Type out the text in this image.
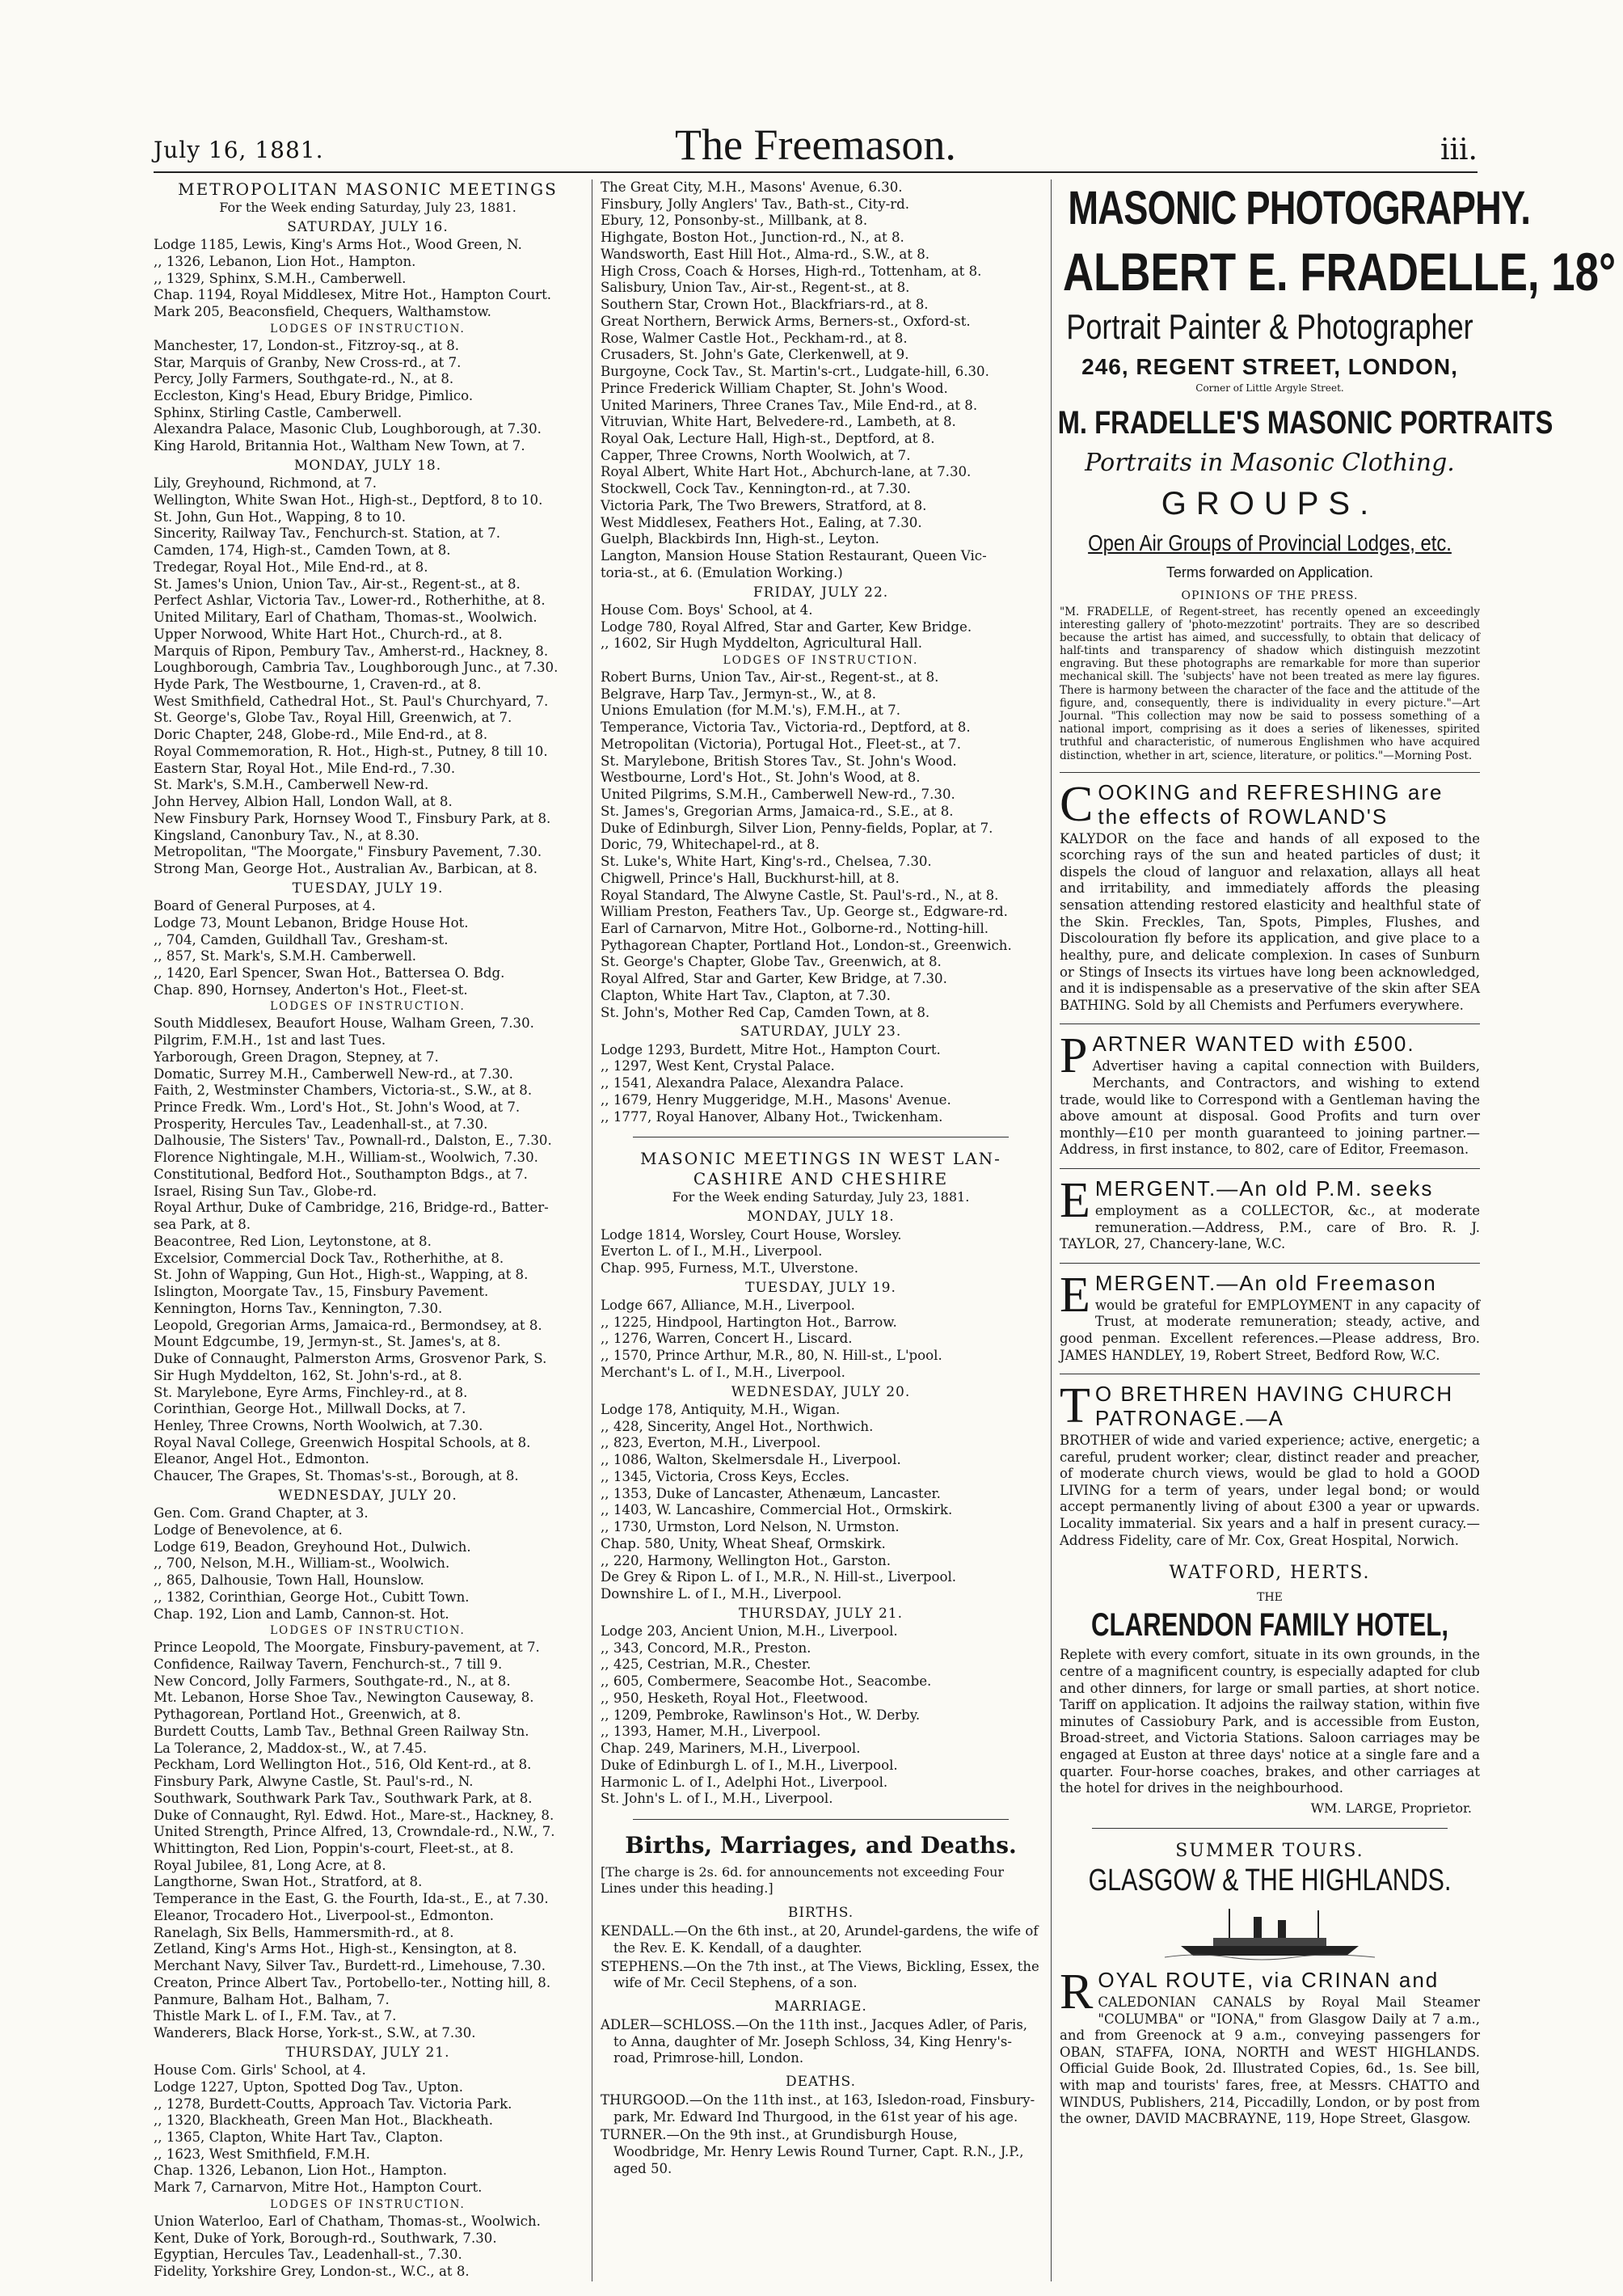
July 16, 1881.	The Freemason.	iii.

METROPOLITAN MASONIC MEETINGS

For the Week ending Saturday, July 23, 1881.

SATURDAY, JULY 16.

Lodge 1185, Lewis, King's Arms Hot., Wood Green, N.

,, 1326, Lebanon, Lion Hot., Hampton.

,, 1329, Sphinx, S.M.H., Camberwell.

Chap. 1194, Royal Middlesex, Mitre Hot., Hampton Court.

Mark 205, Beaconsfield, Chequers, Walthamstow.

LODGES OF INSTRUCTION.

Manchester, 17, London-st., Fitzroy-sq., at 8.

Star, Marquis of Granby, New Cross-rd., at 7.

Percy, Jolly Farmers, Southgate-rd., N., at 8.

Eccleston, King's Head, Ebury Bridge, Pimlico.

Sphinx, Stirling Castle, Camberwell.

Alexandra Palace, Masonic Club, Loughborough, at 7.30.

King Harold, Britannia Hot., Waltham New Town, at 7.

MONDAY, JULY 18.

Lily, Greyhound, Richmond, at 7.

Wellington, White Swan Hot., High-st., Deptford, 8 to 10.

St. John, Gun Hot., Wapping, 8 to 10.

Sincerity, Railway Tav., Fenchurch-st. Station, at 7.

Camden, 174, High-st., Camden Town, at 8.

Tredegar, Royal Hot., Mile End-rd., at 8.

St. James's Union, Union Tav., Air-st., Regent-st., at 8.

Perfect Ashlar, Victoria Tav., Lower-rd., Rotherhithe, at 8.

United Military, Earl of Chatham, Thomas-st., Woolwich.

Upper Norwood, White Hart Hot., Church-rd., at 8.

Marquis of Ripon, Pembury Tav., Amherst-rd., Hackney, 8.

Loughborough, Cambria Tav., Loughborough Junc., at 7.30.

Hyde Park, The Westbourne, 1, Craven-rd., at 8.

West Smithfield, Cathedral Hot., St. Paul's Churchyard, 7.

St. George's, Globe Tav., Royal Hill, Greenwich, at 7.

Doric Chapter, 248, Globe-rd., Mile End-rd., at 8.

Royal Commemoration, R. Hot., High-st., Putney, 8 till 10.

Eastern Star, Royal Hot., Mile End-rd., 7.30.

St. Mark's, S.M.H., Camberwell New-rd.

John Hervey, Albion Hall, London Wall, at 8.

New Finsbury Park, Hornsey Wood T., Finsbury Park, at 8.

Kingsland, Canonbury Tav., N., at 8.30.

Metropolitan, "The Moorgate," Finsbury Pavement, 7.30.

Strong Man, George Hot., Australian Av., Barbican, at 8.

TUESDAY, JULY 19.

Board of General Purposes, at 4.

Lodge 73, Mount Lebanon, Bridge House Hot.

,, 704, Camden, Guildhall Tav., Gresham-st.

,, 857, St. Mark's, S.M.H. Camberwell.

,, 1420, Earl Spencer, Swan Hot., Battersea O. Bdg.

Chap. 890, Hornsey, Anderton's Hot., Fleet-st.

LODGES OF INSTRUCTION.

South Middlesex, Beaufort House, Walham Green, 7.30.

Pilgrim, F.M.H., 1st and last Tues.

Yarborough, Green Dragon, Stepney, at 7.

Domatic, Surrey M.H., Camberwell New-rd., at 7.30.

Faith, 2, Westminster Chambers, Victoria-st., S.W., at 8.

Prince Fredk. Wm., Lord's Hot., St. John's Wood, at 7.

Prosperity, Hercules Tav., Leadenhall-st., at 7.30.

Dalhousie, The Sisters' Tav., Pownall-rd., Dalston, E., 7.30.

Florence Nightingale, M.H., William-st., Woolwich, 7.30.

Constitutional, Bedford Hot., Southampton Bdgs., at 7.

Israel, Rising Sun Tav., Globe-rd.

Royal Arthur, Duke of Cambridge, 216, Bridge-rd., Batter-

sea Park, at 8.

Beacontree, Red Lion, Leytonstone, at 8.

Excelsior, Commercial Dock Tav., Rotherhithe, at 8.

St. John of Wapping, Gun Hot., High-st., Wapping, at 8.

Islington, Moorgate Tav., 15, Finsbury Pavement.

Kennington, Horns Tav., Kennington, 7.30.

Leopold, Gregorian Arms, Jamaica-rd., Bermondsey, at 8.

Mount Edgcumbe, 19, Jermyn-st., St. James's, at 8.

Duke of Connaught, Palmerston Arms, Grosvenor Park, S.

Sir Hugh Myddelton, 162, St. John's-rd., at 8.

St. Marylebone, Eyre Arms, Finchley-rd., at 8.

Corinthian, George Hot., Millwall Docks, at 7.

Henley, Three Crowns, North Woolwich, at 7.30.

Royal Naval College, Greenwich Hospital Schools, at 8.

Eleanor, Angel Hot., Edmonton.

Chaucer, The Grapes, St. Thomas's-st., Borough, at 8.

WEDNESDAY, JULY 20.

Gen. Com. Grand Chapter, at 3.

Lodge of Benevolence, at 6.

Lodge 619, Beadon, Greyhound Hot., Dulwich.

,, 700, Nelson, M.H., William-st., Woolwich.

,, 865, Dalhousie, Town Hall, Hounslow.

,, 1382, Corinthian, George Hot., Cubitt Town.

Chap. 192, Lion and Lamb, Cannon-st. Hot.

LODGES OF INSTRUCTION.

Prince Leopold, The Moorgate, Finsbury-pavement, at 7.

Confidence, Railway Tavern, Fenchurch-st., 7 till 9.

New Concord, Jolly Farmers, Southgate-rd., N., at 8.

Mt. Lebanon, Horse Shoe Tav., Newington Causeway, 8.

Pythagorean, Portland Hot., Greenwich, at 8.

Burdett Coutts, Lamb Tav., Bethnal Green Railway Stn.

La Tolerance, 2, Maddox-st., W., at 7.45.

Peckham, Lord Wellington Hot., 516, Old Kent-rd., at 8.

Finsbury Park, Alwyne Castle, St. Paul's-rd., N.

Southwark, Southwark Park Tav., Southwark Park, at 8.

Duke of Connaught, Ryl. Edwd. Hot., Mare-st., Hackney, 8.

United Strength, Prince Alfred, 13, Crowndale-rd., N.W., 7.

Whittington, Red Lion, Poppin's-court, Fleet-st., at 8.

Royal Jubilee, 81, Long Acre, at 8.

Langthorne, Swan Hot., Stratford, at 8.

Temperance in the East, G. the Fourth, Ida-st., E., at 7.30.

Eleanor, Trocadero Hot., Liverpool-st., Edmonton.

Ranelagh, Six Bells, Hammersmith-rd., at 8.

Zetland, King's Arms Hot., High-st., Kensington, at 8.

Merchant Navy, Silver Tav., Burdett-rd., Limehouse, 7.30.

Creaton, Prince Albert Tav., Portobello-ter., Notting hill, 8.

Panmure, Balham Hot., Balham, 7.

Thistle Mark L. of I., F.M. Tav., at 7.

Wanderers, Black Horse, York-st., S.W., at 7.30.

THURSDAY, JULY 21.

House Com. Girls' School, at 4.

Lodge 1227, Upton, Spotted Dog Tav., Upton.

,, 1278, Burdett-Coutts, Approach Tav. Victoria Park.

,, 1320, Blackheath, Green Man Hot., Blackheath.

,, 1365, Clapton, White Hart Tav., Clapton.

,, 1623, West Smithfield, F.M.H.

Chap. 1326, Lebanon, Lion Hot., Hampton.

Mark 7, Carnarvon, Mitre Hot., Hampton Court.

LODGES OF INSTRUCTION.

Union Waterloo, Earl of Chatham, Thomas-st., Woolwich.

Kent, Duke of York, Borough-rd., Southwark, 7.30.

Egyptian, Hercules Tav., Leadenhall-st., 7.30.

Fidelity, Yorkshire Grey, London-st., W.C., at 8.

The Great City, M.H., Masons' Avenue, 6.30.

Finsbury, Jolly Anglers' Tav., Bath-st., City-rd.

Ebury, 12, Ponsonby-st., Millbank, at 8.

Highgate, Boston Hot., Junction-rd., N., at 8.

Wandsworth, East Hill Hot., Alma-rd., S.W., at 8.

High Cross, Coach & Horses, High-rd., Tottenham, at 8.

Salisbury, Union Tav., Air-st., Regent-st., at 8.

Southern Star, Crown Hot., Blackfriars-rd., at 8.

Great Northern, Berwick Arms, Berners-st., Oxford-st.

Rose, Walmer Castle Hot., Peckham-rd., at 8.

Crusaders, St. John's Gate, Clerkenwell, at 9.

Burgoyne, Cock Tav., St. Martin's-crt., Ludgate-hill, 6.30.

Prince Frederick William Chapter, St. John's Wood.

United Mariners, Three Cranes Tav., Mile End-rd., at 8.

Vitruvian, White Hart, Belvedere-rd., Lambeth, at 8.

Royal Oak, Lecture Hall, High-st., Deptford, at 8.

Capper, Three Crowns, North Woolwich, at 7.

Royal Albert, White Hart Hot., Abchurch-lane, at 7.30.

Stockwell, Cock Tav., Kennington-rd., at 7.30.

Victoria Park, The Two Brewers, Stratford, at 8.

West Middlesex, Feathers Hot., Ealing, at 7.30.

Guelph, Blackbirds Inn, High-st., Leyton.

Langton, Mansion House Station Restaurant, Queen Vic-

toria-st., at 6. (Emulation Working.)

FRIDAY, JULY 22.

House Com. Boys' School, at 4.

Lodge 780, Royal Alfred, Star and Garter, Kew Bridge.

,, 1602, Sir Hugh Myddelton, Agricultural Hall.

LODGES OF INSTRUCTION.

Robert Burns, Union Tav., Air-st., Regent-st., at 8.

Belgrave, Harp Tav., Jermyn-st., W., at 8.

Unions Emulation (for M.M.'s), F.M.H., at 7.

Temperance, Victoria Tav., Victoria-rd., Deptford, at 8.

Metropolitan (Victoria), Portugal Hot., Fleet-st., at 7.

St. Marylebone, British Stores Tav., St. John's Wood.

Westbourne, Lord's Hot., St. John's Wood, at 8.

United Pilgrims, S.M.H., Camberwell New-rd., 7.30.

St. James's, Gregorian Arms, Jamaica-rd., S.E., at 8.

Duke of Edinburgh, Silver Lion, Penny-fields, Poplar, at 7.

Doric, 79, Whitechapel-rd., at 8.

St. Luke's, White Hart, King's-rd., Chelsea, 7.30.

Chigwell, Prince's Hall, Buckhurst-hill, at 8.

Royal Standard, The Alwyne Castle, St. Paul's-rd., N., at 8.

William Preston, Feathers Tav., Up. George st., Edgware-rd.

Earl of Carnarvon, Mitre Hot., Golborne-rd., Notting-hill.

Pythagorean Chapter, Portland Hot., London-st., Greenwich.

St. George's Chapter, Globe Tav., Greenwich, at 8.

Royal Alfred, Star and Garter, Kew Bridge, at 7.30.

Clapton, White Hart Tav., Clapton, at 7.30.

St. John's, Mother Red Cap, Camden Town, at 8.

SATURDAY, JULY 23.

Lodge 1293, Burdett, Mitre Hot., Hampton Court.

,, 1297, West Kent, Crystal Palace.

,, 1541, Alexandra Palace, Alexandra Palace.

,, 1679, Henry Muggeridge, M.H., Masons' Avenue.

,, 1777, Royal Hanover, Albany Hot., Twickenham.

MASONIC MEETINGS IN WEST LAN-

CASHIRE AND CHESHIRE

For the Week ending Saturday, July 23, 1881.

MONDAY, JULY 18.

Lodge 1814, Worsley, Court House, Worsley.

Everton L. of I., M.H., Liverpool.

Chap. 995, Furness, M.T., Ulverstone.

TUESDAY, JULY 19.

Lodge 667, Alliance, M.H., Liverpool.

,, 1225, Hindpool, Hartington Hot., Barrow.

,, 1276, Warren, Concert H., Liscard.

,, 1570, Prince Arthur, M.R., 80, N. Hill-st., L'pool.

Merchant's L. of I., M.H., Liverpool.

WEDNESDAY, JULY 20.

Lodge 178, Antiquity, M.H., Wigan.

,, 428, Sincerity, Angel Hot., Northwich.

,, 823, Everton, M.H., Liverpool.

,, 1086, Walton, Skelmersdale H., Liverpool.

,, 1345, Victoria, Cross Keys, Eccles.

,, 1353, Duke of Lancaster, Athenæum, Lancaster.

,, 1403, W. Lancashire, Commercial Hot., Ormskirk.

,, 1730, Urmston, Lord Nelson, N. Urmston.

Chap. 580, Unity, Wheat Sheaf, Ormskirk.

,, 220, Harmony, Wellington Hot., Garston.

De Grey & Ripon L. of I., M.R., N. Hill-st., Liverpool.

Downshire L. of I., M.H., Liverpool.

THURSDAY, JULY 21.

Lodge 203, Ancient Union, M.H., Liverpool.

,, 343, Concord, M.R., Preston.

,, 425, Cestrian, M.R., Chester.

,, 605, Combermere, Seacombe Hot., Seacombe.

,, 950, Hesketh, Royal Hot., Fleetwood.

,, 1209, Pembroke, Rawlinson's Hot., W. Derby.

,, 1393, Hamer, M.H., Liverpool.

Chap. 249, Mariners, M.H., Liverpool.

Duke of Edinburgh L. of I., M.H., Liverpool.

Harmonic L. of I., Adelphi Hot., Liverpool.

St. John's L. of I., M.H., Liverpool.

Births, Marriages, and Deaths.

[The charge is 2s. 6d. for announcements not exceeding Four Lines under this heading.]

BIRTHS.

KENDALL.—On the 6th inst., at 20, Arundel-gardens, the wife of the Rev. E. K. Kendall, of a daughter.

STEPHENS.—On the 7th inst., at The Views, Bickling, Essex, the wife of Mr. Cecil Stephens, of a son.

MARRIAGE.

ADLER—SCHLOSS.—On the 11th inst., Jacques Adler, of Paris, to Anna, daughter of Mr. Joseph Schloss, 34, King Henry's-road, Primrose-hill, London.

DEATHS.

THURGOOD.—On the 11th inst., at 163, Isledon-road, Finsbury-park, Mr. Edward Ind Thurgood, in the 61st year of his age.

TURNER.—On the 9th inst., at Grundisburgh House, Woodbridge, Mr. Henry Lewis Round Turner, Capt. R.N., J.P., aged 50.

MASONIC PHOTOGRAPHY.
ALBERT E. FRADELLE, 18°
Portrait Painter & Photographer

246, REGENT STREET, LONDON,

Corner of Little Argyle Street.

M. FRADELLE'S MASONIC PORTRAITS

Portraits in Masonic Clothing.

GROUPS.

Open Air Groups of Provincial Lodges, etc.

Terms forwarded on Application.

OPINIONS OF THE PRESS.

"M. FRADELLE, of Regent-street, has recently opened an exceedingly interesting gallery of 'photo-mezzotint' portraits. They are so described because the artist has aimed, and successfully, to obtain that delicacy of half-tints and transparency of shadow which distinguish mezzotint engraving. But these photographs are remarkable for more than superior mechanical skill. The 'subjects' have not been treated as mere lay figures. There is harmony between the character of the face and the attitude of the figure, and, consequently, there is individuality in every picture."—Art Journal. "This collection may now be said to possess something of a national import, comprising as it does a series of likenesses, spirited truthful and characteristic, of numerous Englishmen who have acquired distinction, whether in art, science, literature, or politics."—Morning Post.

C OOKING and REFRESHING are the effects of ROWLAND'S

KALYDOR on the face and hands of all exposed to the scorching rays of the sun and heated particles of dust; it dispels the cloud of languor and relaxation, allays all heat and irritability, and immediately affords the pleasing sensation attending restored elasticity and healthful state of the Skin. Freckles, Tan, Spots, Pimples, Flushes, and Discolouration fly before its application, and give place to a healthy, pure, and delicate complexion. In cases of Sunburn or Stings of Insects its virtues have long been acknowledged, and it is indispensable as a preservative of the skin after SEA BATHING. Sold by all Chemists and Perfumers everywhere.

P ARTNER WANTED with £500.

Advertiser having a capital connection with Builders, Merchants, and Contractors, and wishing to extend trade, would like to Correspond with a Gentleman having the above amount at disposal. Good Profits and turn over monthly—£10 per month guaranteed to joining partner.—Address, in first instance, to 802, care of Editor, Freemason.

E MERGENT.—An old P.M. seeks

employment as a COLLECTOR, &c., at moderate remuneration.—Address, P.M., care of Bro. R. J. TAYLOR, 27, Chancery-lane, W.C.

E MERGENT.—An old Freemason

would be grateful for EMPLOYMENT in any capacity of Trust, at moderate remuneration; steady, active, and good penman. Excellent references.—Please address, Bro. JAMES HANDLEY, 19, Robert Street, Bedford Row, W.C.

T O BRETHREN HAVING CHURCH PATRONAGE.—A

BROTHER of wide and varied experience; active, energetic; a careful, prudent worker; clear, distinct reader and preacher, of moderate church views, would be glad to hold a GOOD LIVING for a term of years, under legal bond; or would accept permanently living of about £300 a year or upwards. Locality immaterial. Six years and a half in present curacy.—Address Fidelity, care of Mr. Cox, Great Hospital, Norwich.

WATFORD, HERTS.

THE

CLARENDON FAMILY HOTEL,

Replete with every comfort, situate in its own grounds, in the centre of a magnificent country, is especially adapted for club and other dinners, for large or small parties, at short notice. Tariff on application. It adjoins the railway station, within five minutes of Cassiobury Park, and is accessible from Euston, Broad-street, and Victoria Stations. Saloon carriages may be engaged at Euston at three days' notice at a single fare and a quarter. Four-horse coaches, brakes, and other carriages at the hotel for drives in the neighbourhood.

WM. LARGE, Proprietor.

SUMMER TOURS.

GLASGOW & THE HIGHLANDS.
R OYAL ROUTE, via CRINAN and

CALEDONIAN CANALS by Royal Mail Steamer "COLUMBA" or "IONA," from Glasgow Daily at 7 a.m., and from Greenock at 9 a.m., conveying passengers for OBAN, STAFFA, IONA, NORTH and WEST HIGHLANDS. Official Guide Book, 2d. Illustrated Copies, 6d., 1s. See bill, with map and tourists' fares, free, at Messrs. CHATTO and WINDUS, Publishers, 214, Piccadilly, London, or by post from the owner, DAVID MACBRAYNE, 119, Hope Street, Glasgow.
